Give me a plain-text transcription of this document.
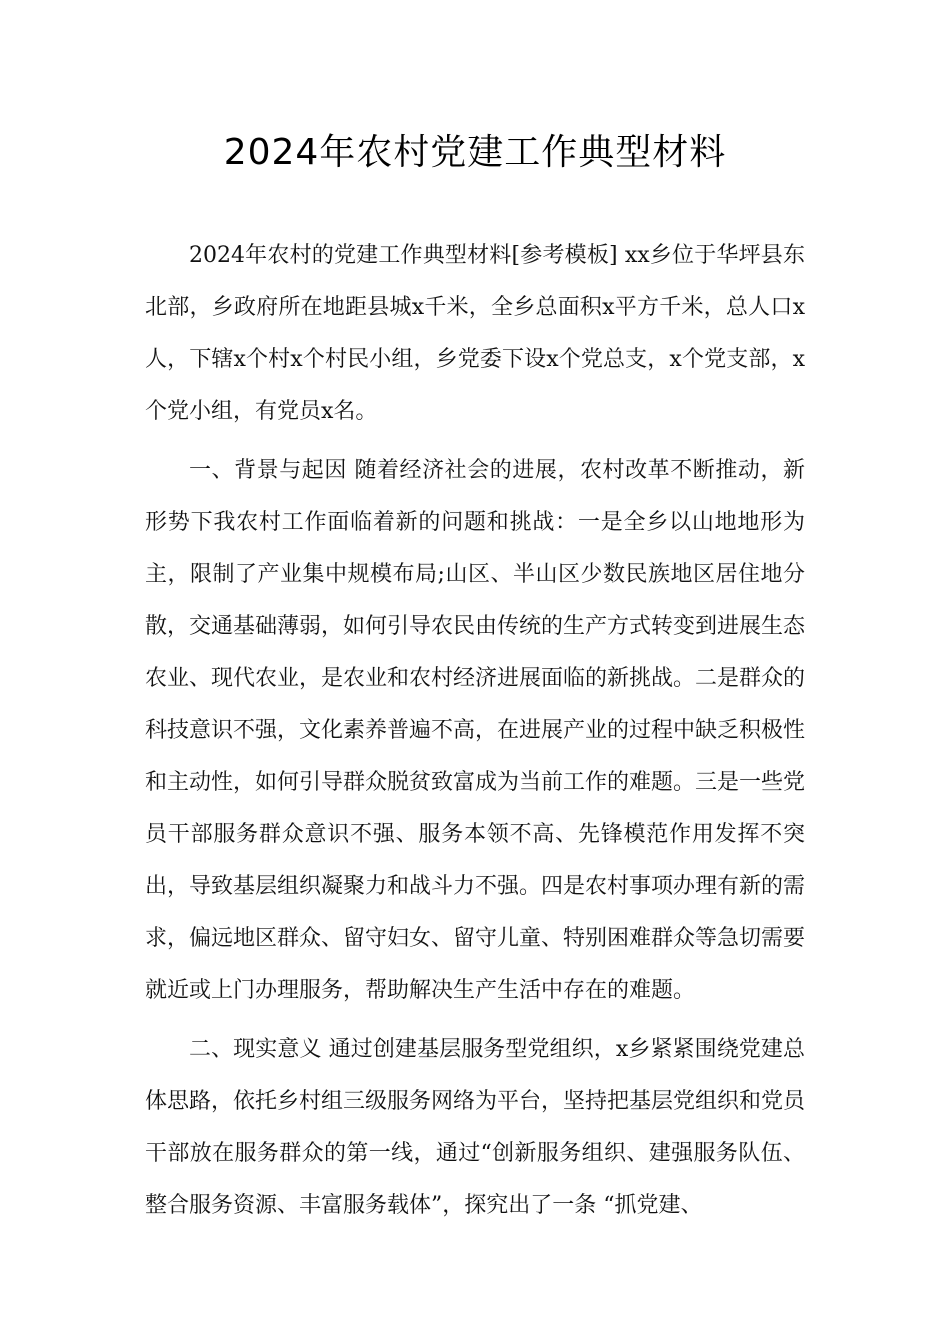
2024年农村党建工作典型材料

2024年农村的党建工作典型材料[参考模板] xx乡位于华坪县东北部，乡政府所在地距县城x千米，全乡总面积x平方千米，总人口x人，下辖x个村x个村民小组，乡党委下设x个党总支，x个党支部，x个党小组，有党员x名。

一、背景与起因 随着经济社会的进展，农村改革不断推动，新形势下我农村工作面临着新的问题和挑战：一是全乡以山地地形为主，限制了产业集中规模布局;山区、半山区少数民族地区居住地分散，交通基础薄弱，如何引导农民由传统的生产方式转变到进展生态农业、现代农业，是农业和农村经济进展面临的新挑战。二是群众的科技意识不强，文化素养普遍不高，在进展产业的过程中缺乏积极性和主动性，如何引导群众脱贫致富成为当前工作的难题。三是一些党员干部服务群众意识不强、服务本领不高、先锋模范作用发挥不突出，导致基层组织凝聚力和战斗力不强。四是农村事项办理有新的需求，偏远地区群众、留守妇女、留守儿童、特别困难群众等急切需要就近或上门办理服务，帮助解决生产生活中存在的难题。

二、现实意义 通过创建基层服务型党组织，x乡紧紧围绕党建总体思路，依托乡村组三级服务网络为平台，坚持把基层党组织和党员干部放在服务群众的第一线，通过“创新服务组织、建强服务队伍、整合服务资源、丰富服务载体”，探究出了一条 “抓党建、
